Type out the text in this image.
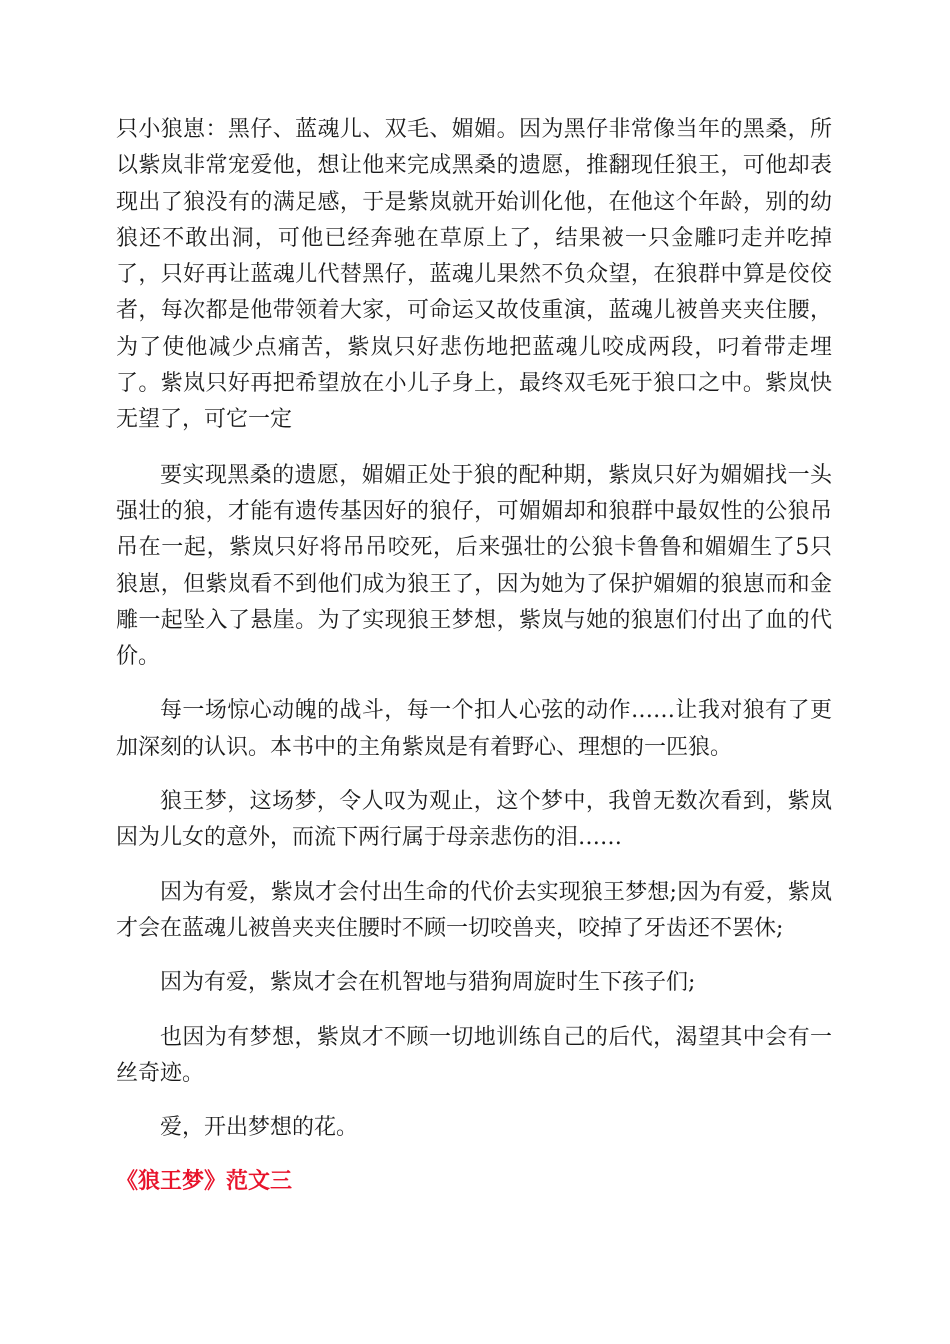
只小狼崽：黑仔、蓝魂儿、双毛、媚媚。因为黑仔非常像当年的黑桑，所以紫岚非常宠爱他，想让他来完成黑桑的遗愿，推翻现任狼王，可他却表现出了狼没有的满足感，于是紫岚就开始训化他，在他这个年龄，别的幼狼还不敢出洞，可他已经奔驰在草原上了，结果被一只金雕叼走并吃掉了，只好再让蓝魂儿代替黑仔，蓝魂儿果然不负众望，在狼群中算是佼佼者，每次都是他带领着大家，可命运又故伎重演，蓝魂儿被兽夹夹住腰，为了使他减少点痛苦，紫岚只好悲伤地把蓝魂儿咬成两段，叼着带走埋了。紫岚只好再把希望放在小儿子身上，最终双毛死于狼口之中。紫岚快无望了，可它一定

要实现黑桑的遗愿，媚媚正处于狼的配种期，紫岚只好为媚媚找一头强壮的狼，才能有遗传基因好的狼仔，可媚媚却和狼群中最奴性的公狼吊吊在一起，紫岚只好将吊吊咬死，后来强壮的公狼卡鲁鲁和媚媚生了5只狼崽，但紫岚看不到他们成为狼王了，因为她为了保护媚媚的狼崽而和金雕一起坠入了悬崖。为了实现狼王梦想，紫岚与她的狼崽们付出了血的代价。

每一场惊心动魄的战斗，每一个扣人心弦的动作……让我对狼有了更加深刻的认识。本书中的主角紫岚是有着野心、理想的一匹狼。

狼王梦，这场梦，令人叹为观止，这个梦中，我曾无数次看到，紫岚因为儿女的意外，而流下两行属于母亲悲伤的泪……

因为有爱，紫岚才会付出生命的代价去实现狼王梦想;因为有爱，紫岚才会在蓝魂儿被兽夹夹住腰时不顾一切咬兽夹，咬掉了牙齿还不罢休;

因为有爱，紫岚才会在机智地与猎狗周旋时生下孩子们;

也因为有梦想，紫岚才不顾一切地训练自己的后代，渴望其中会有一丝奇迹。

爱，开出梦想的花。

《狼王梦》范文三
